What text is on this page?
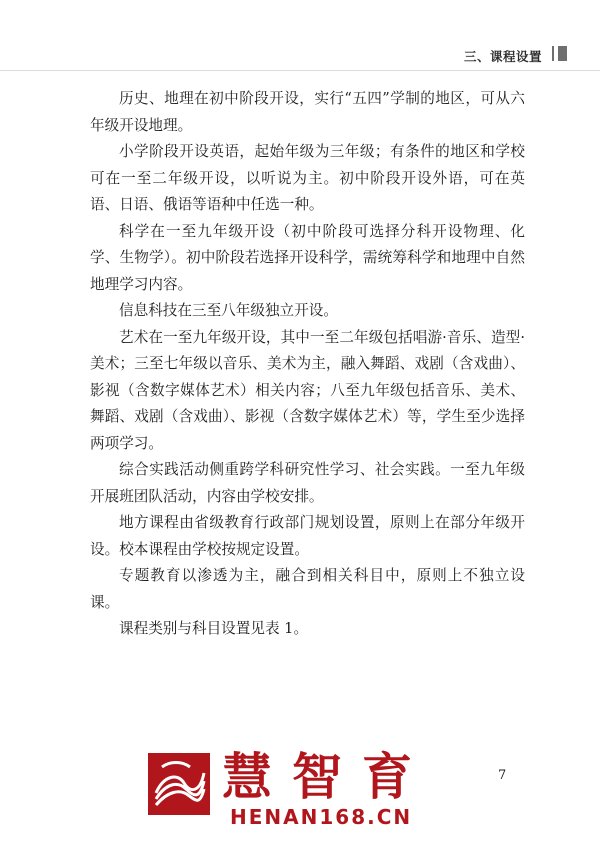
三、课程设置

历史、地理在初中阶段开设，实行“五四”学制的地区，可从六年级开设地理。

小学阶段开设英语，起始年级为三年级；有条件的地区和学校可在一至二年级开设，以听说为主。初中阶段开设外语，可在英语、日语、俄语等语种中任选一种。

科学在一至九年级开设（初中阶段可选择分科开设物理、化学、生物学）。初中阶段若选择开设科学，需统筹科学和地理中自然地理学习内容。

信息科技在三至八年级独立开设。

艺术在一至九年级开设，其中一至二年级包括唱游·音乐、造型·美术；三至七年级以音乐、美术为主，融入舞蹈、戏剧（含戏曲）、影视（含数字媒体艺术）相关内容；八至九年级包括音乐、美术、舞蹈、戏剧（含戏曲）、影视（含数字媒体艺术）等，学生至少选择两项学习。

综合实践活动侧重跨学科研究性学习、社会实践。一至九年级开展班团队活动，内容由学校安排。

地方课程由省级教育行政部门规划设置，原则上在部分年级开设。校本课程由学校按规定设置。

专题教育以渗透为主，融合到相关科目中，原则上不独立设课。

课程类别与科目设置见表 1。

7
慧智育
HENAN168.CN
